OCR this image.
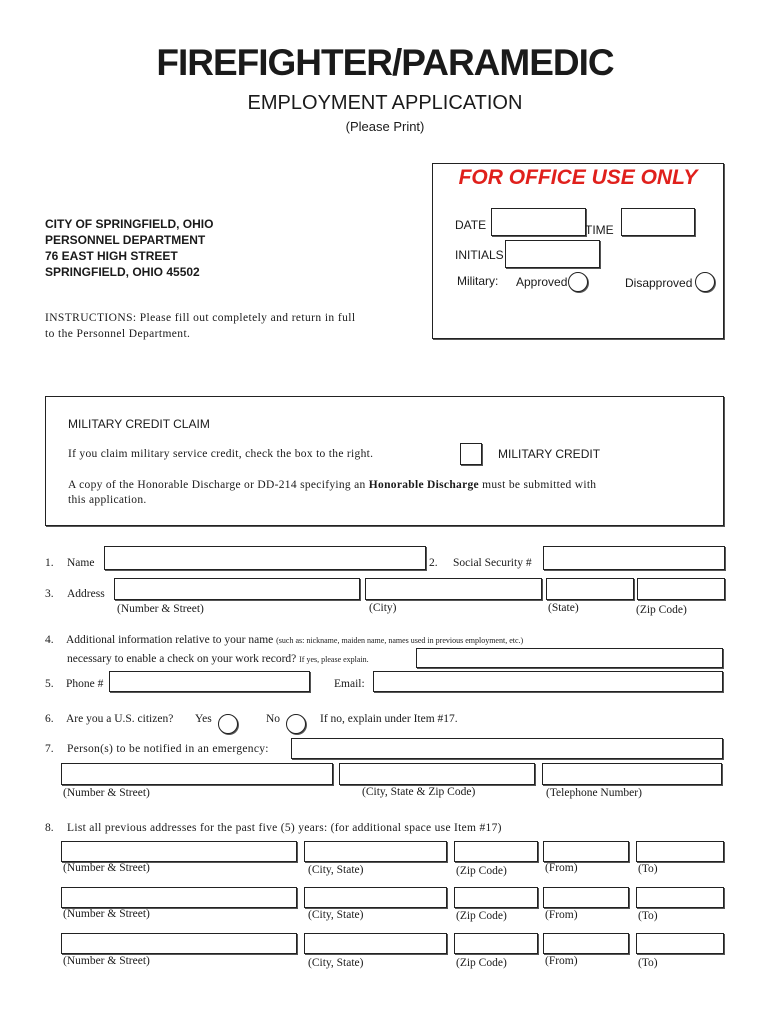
FIREFIGHTER/PARAMEDIC
EMPLOYMENT APPLICATION
(Please Print)
FOR OFFICE USE ONLY
DATE	TIME
INITIALS
Military: Approved	Disapproved
CITY OF SPRINGFIELD, OHIO
PERSONNEL DEPARTMENT
76 EAST HIGH STREET
SPRINGFIELD, OHIO 45502
INSTRUCTIONS: Please fill out completely and return in full
to the Personnel Department.
MILITARY CREDIT CLAIM
If you claim military service credit, check the box to the right.	MILITARY CREDIT
A copy of the Honorable Discharge or DD-214 specifying an Honorable Discharge must be submitted with
this application.
1. Name	2. Social Security #
3. Address
(Number & Street)	(City)	(State)	(Zip Code)
4. Additional information relative to your name (such as: nickname, maiden name, names used in previous employment, etc.)
necessary to enable a check on your work record? If yes, please explain.
5. Phone #	Email:
6. Are you a U.S. citizen? Yes	No	If no, explain under Item #17.
7. Person(s) to be notified in an emergency:
(Number & Street)	(City, State & Zip Code)	(Telephone Number)
8. List all previous addresses for the past five (5) years: (for additional space use Item #17)
(Number & Street)	(City, State)	(Zip Code)	(From)	(To)
(Number & Street)	(City, State)	(Zip Code)	(From)	(To)
(Number & Street)	(City, State)	(Zip Code)	(From)	(To)
